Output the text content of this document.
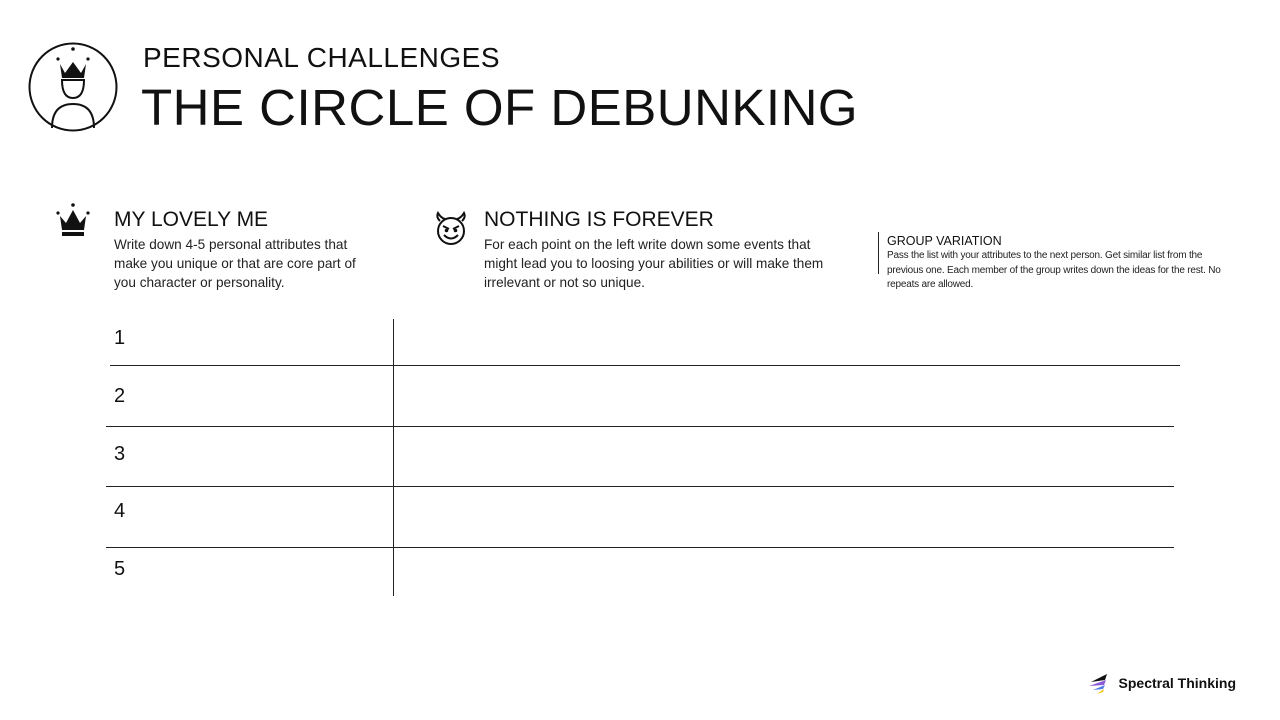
PERSONAL CHALLENGES
THE CIRCLE OF DEBUNKING
MY LOVELY ME
Write down 4-5 personal attributes that make you unique or that are core part of you character or personality.
NOTHING IS FOREVER
For each point on the left write down some events that might lead you to loosing your abilities or will make them irrelevant or not so unique.
GROUP VARIATION
Pass the list with your attributes to the next person. Get similar list from the previous one. Each member of the group writes down the ideas for the rest. No repeats are allowed.
1
2
3
4
5
Spectral Thinking
